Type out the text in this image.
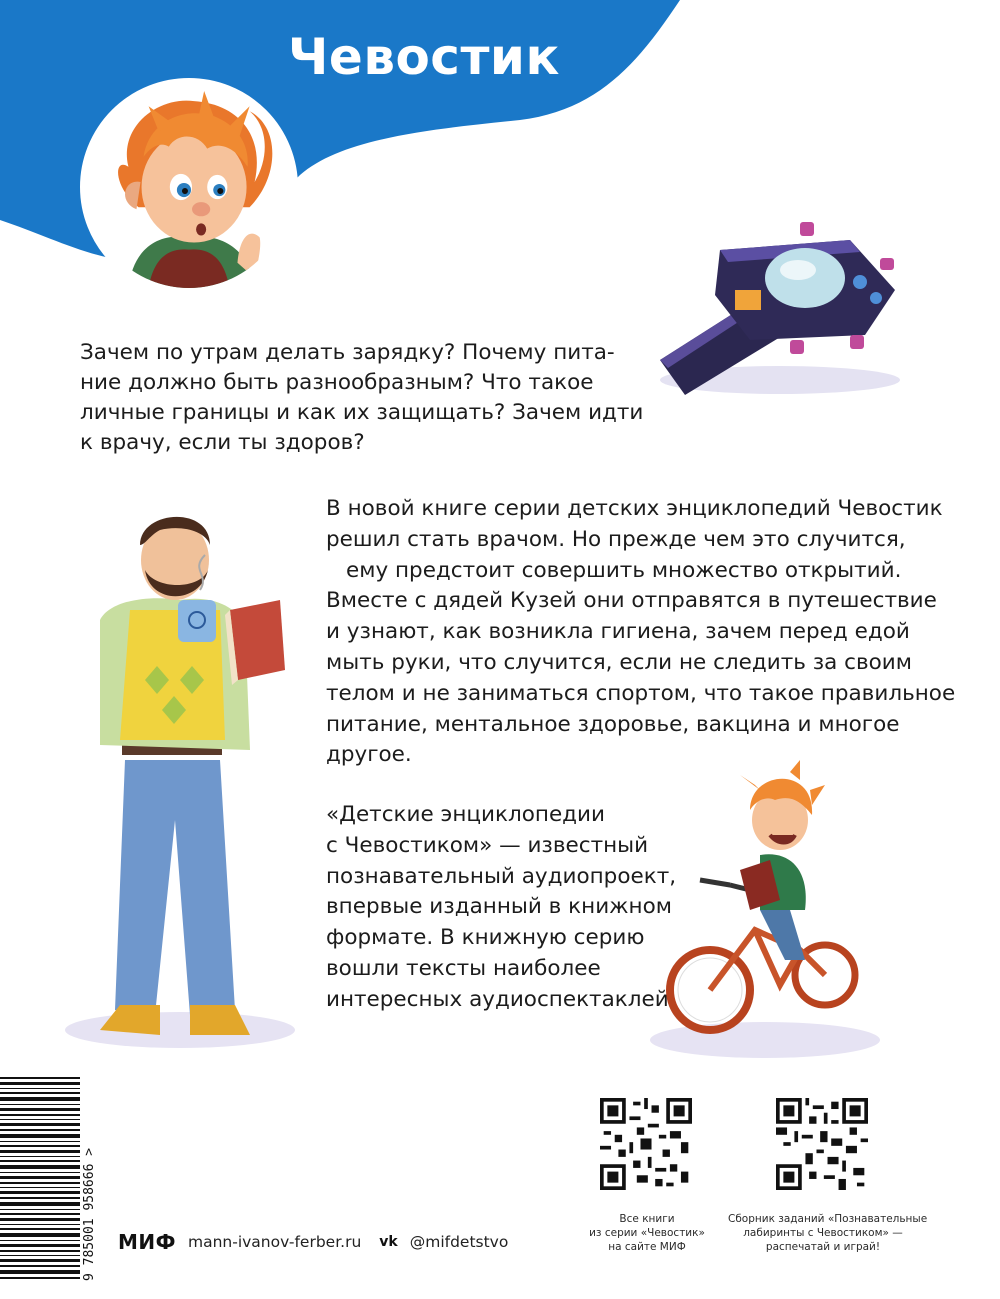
Чевостик
Зачем по утрам делать зарядку? Почему пита-
ние должно быть разнообразным? Что такое
личные границы и как их защищать? Зачем идти
к врачу, если ты здоров?
В новой книге серии детских энциклопедий Чевостик
решил стать врачом. Но прежде чем это случится,
ему предстоит совершить множество открытий.
Вместе с дядей Кузей они отправятся в путешествие
и узнают, как возникла гигиена, зачем перед едой
мыть руки, что случится, если не следить за своим
телом и не заниматься спортом, что такое правильное
питание, ментальное здоровье, вакцина и многое
другое.
«Детские энциклопедии
с Чевостиком» — известный
познавательный аудиопроект,
впервые изданный в книжном
формате. В книжную серию
вошли тексты наиболее
интересных аудиоспектаклей.
9 785001 958666 >	Все книги
из серии «Чевостик»
на сайте МИФ
Сборник заданий «Познавательные
лабиринты с Чевостиком» —
распечатай и играй!
МИФ mann-ivanov-ferber.ru vk @mifdetstvo
